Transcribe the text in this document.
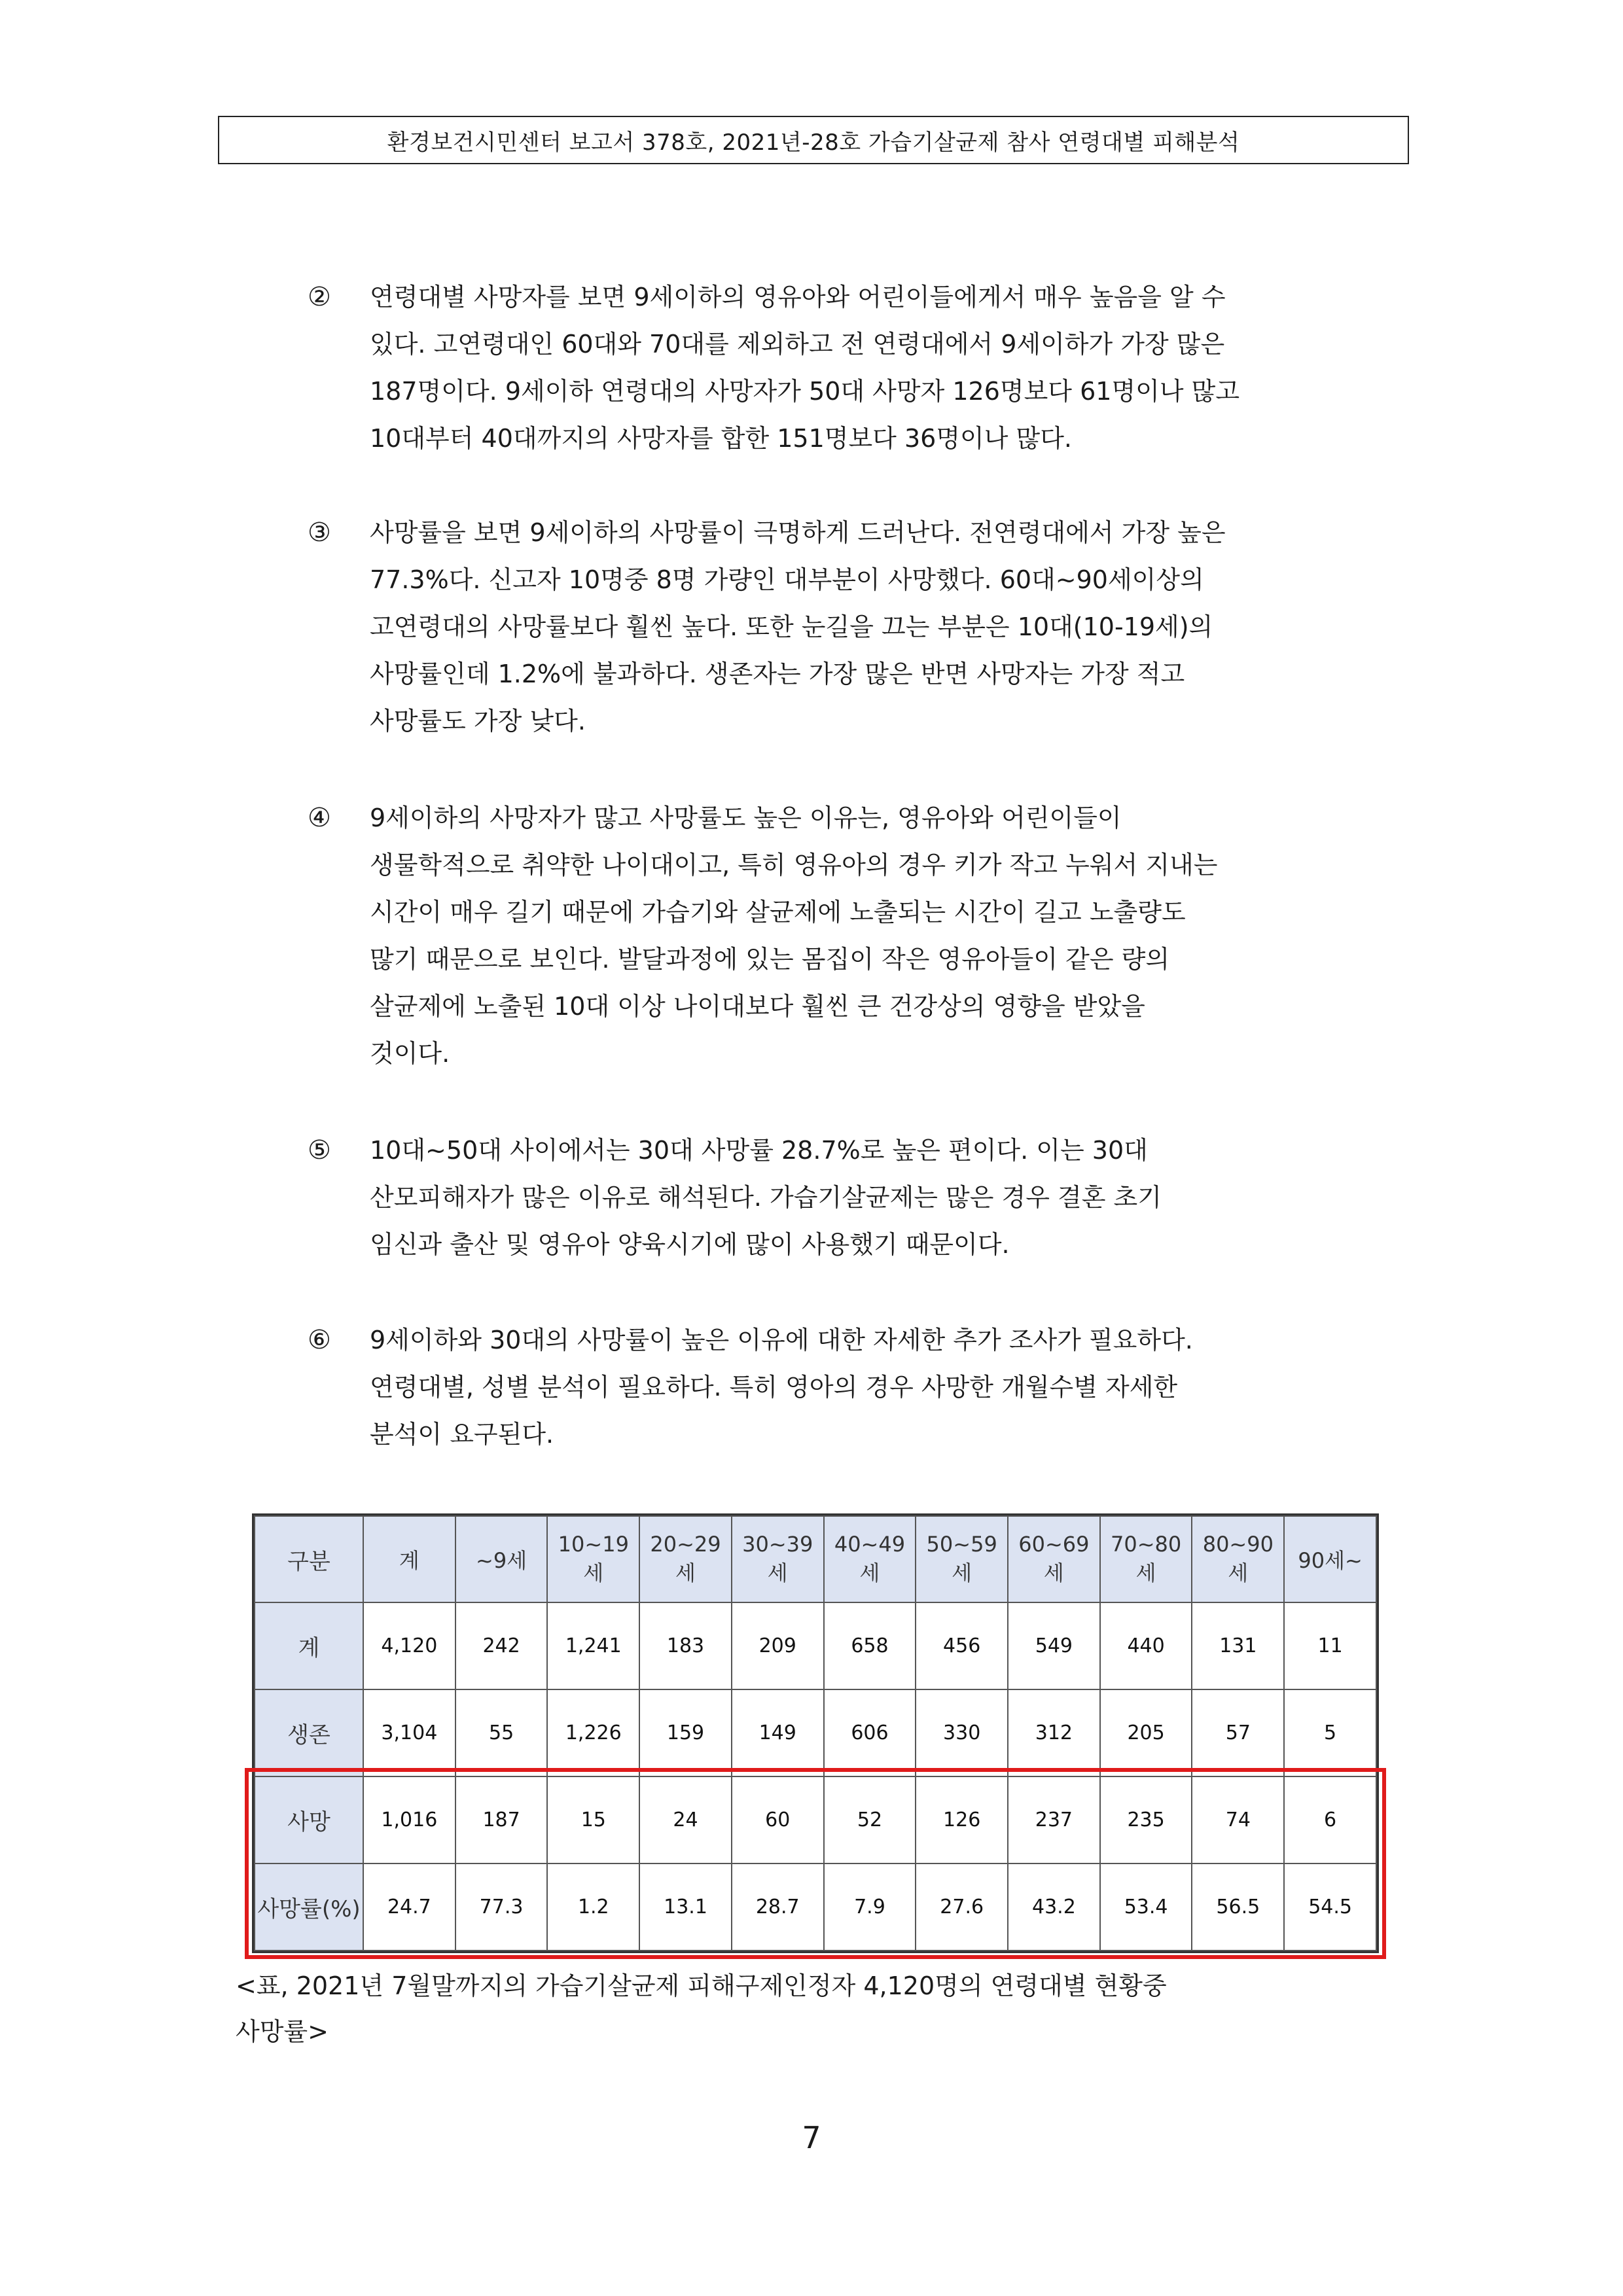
환경보건시민센터 보고서 378호, 2021년-28호 가습기살균제 참사 연령대별 피해분석
②	연령대별 사망자를 보면 9세이하의 영유아와 어린이들에게서 매우 높음을 알 수
있다. 고연령대인 60대와 70대를 제외하고 전 연령대에서 9세이하가 가장 많은
187명이다. 9세이하 연령대의 사망자가 50대 사망자 126명보다 61명이나 많고
10대부터 40대까지의 사망자를 합한 151명보다 36명이나 많다.
③	사망률을 보면 9세이하의 사망률이 극명하게 드러난다. 전연령대에서 가장 높은
77.3%다. 신고자 10명중 8명 가량인 대부분이 사망했다. 60대~90세이상의
고연령대의 사망률보다 훨씬 높다. 또한 눈길을 끄는 부분은 10대(10-19세)의
사망률인데 1.2%에 불과하다. 생존자는 가장 많은 반면 사망자는 가장 적고
사망률도 가장 낮다.
④	9세이하의 사망자가 많고 사망률도 높은 이유는, 영유아와 어린이들이
생물학적으로 취약한 나이대이고, 특히 영유아의 경우 키가 작고 누워서 지내는
시간이 매우 길기 때문에 가습기와 살균제에 노출되는 시간이 길고 노출량도
많기 때문으로 보인다. 발달과정에 있는 몸집이 작은 영유아들이 같은 량의
살균제에 노출된 10대 이상 나이대보다 훨씬 큰 건강상의 영향을 받았을
것이다.
⑤	10대~50대 사이에서는 30대 사망률 28.7%로 높은 편이다. 이는 30대
산모피해자가 많은 이유로 해석된다. 가습기살균제는 많은 경우 결혼 초기
임신과 출산 및 영유아 양육시기에 많이 사용했기 때문이다.
⑥	9세이하와 30대의 사망률이 높은 이유에 대한 자세한 추가 조사가 필요하다.
연령대별, 성별 분석이 필요하다. 특히 영아의 경우 사망한 개월수별 자세한
분석이 요구된다.
구분	계	~9세	10~19세	20~29세	30~39세	40~49세	50~59세	60~69세	70~80세	80~90세	90세~
계	4,120	242	1,241	183	209	658	456	549	440	131	11
생존	3,104	55	1,226	159	149	606	330	312	205	57	5
사망	1,016	187	15	24	60	52	126	237	235	74	6
사망률(%)	24.7	77.3	1.2	13.1	28.7	7.9	27.6	43.2	53.4	56.5	54.5
<표, 2021년 7월말까지의 가습기살균제 피해구제인정자 4,120명의 연령대별 현황중
사망률>
7
